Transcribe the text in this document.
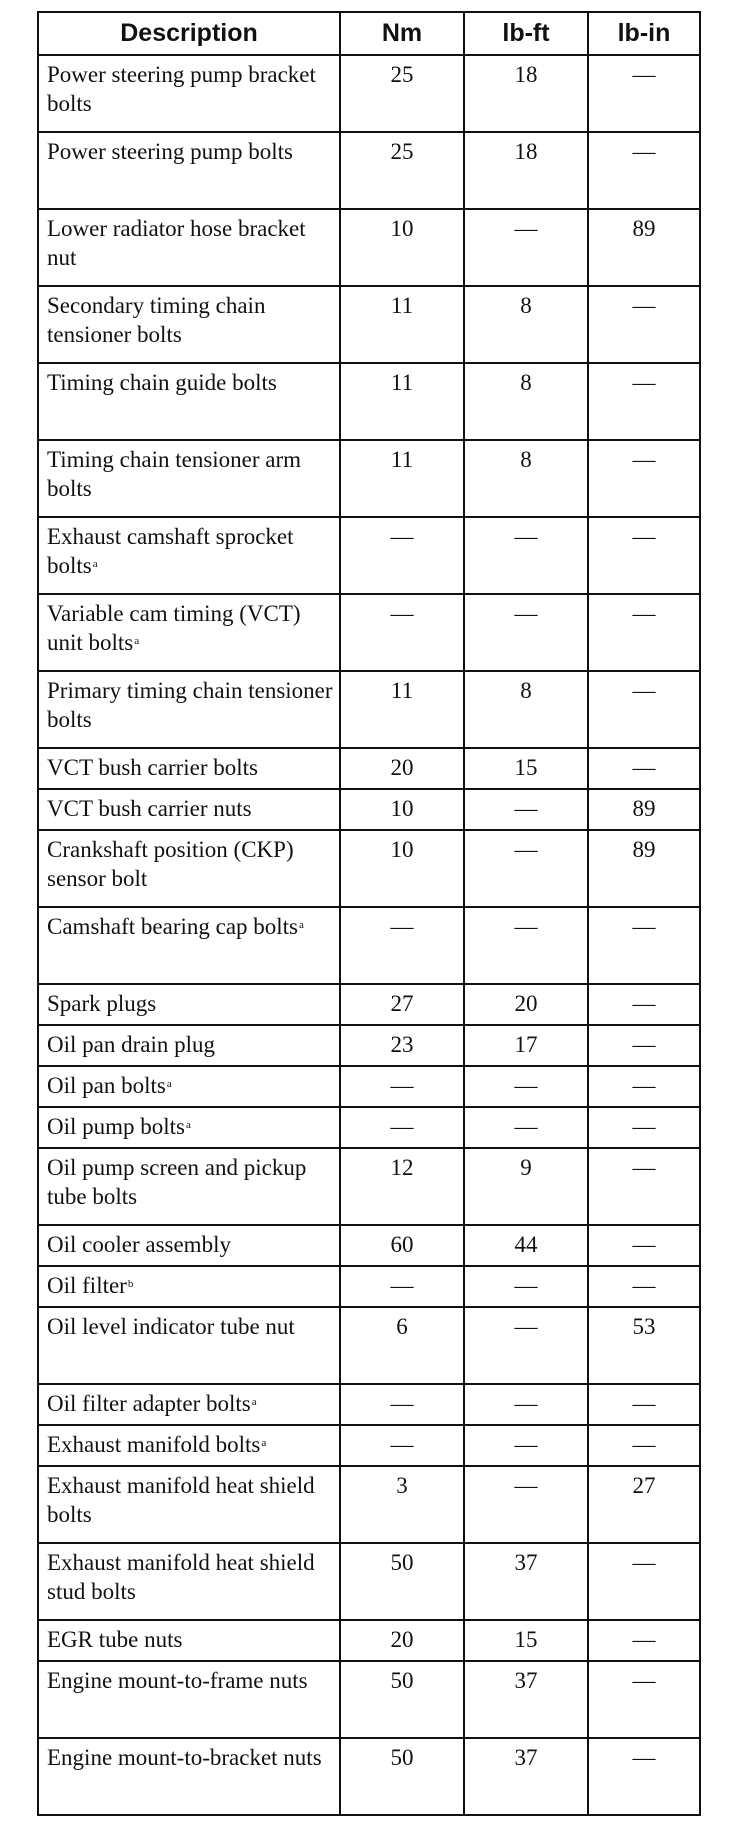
Description	Nm	lb-ft	lb-in
Power steering pump bracket bolts	25	18	—
Power steering pump bolts	25	18	—
Lower radiator hose bracket nut	10	—	89
Secondary timing chain tensioner bolts	11	8	—
Timing chain guide bolts	11	8	—
Timing chain tensioner arm bolts	11	8	—
Exhaust camshaft sprocket bolts$^a$	—	—	—
Variable cam timing (VCT) unit bolts$^a$	—	—	—
Primary timing chain tensioner bolts	11	8	—
VCT bush carrier bolts	20	15	—
VCT bush carrier nuts	10	—	89
Crankshaft position (CKP) sensor bolt	10	—	89
Camshaft bearing cap bolts$^a$	—	—	—
Spark plugs	27	20	—
Oil pan drain plug	23	17	—
Oil pan bolts$^a$	—	—	—
Oil pump bolts$^a$	—	—	—
Oil pump screen and pickup tube bolts	12	9	—
Oil cooler assembly	60	44	—
Oil filter$^b$	—	—	—
Oil level indicator tube nut	6	—	53
Oil filter adapter bolts$^a$	—	—	—
Exhaust manifold bolts$^a$	—	—	—
Exhaust manifold heat shield bolts	3	—	27
Exhaust manifold heat shield stud bolts	50	37	—
EGR tube nuts	20	15	—
Engine mount-to-frame nuts	50	37	—
Engine mount-to-bracket nuts	50	37	—
